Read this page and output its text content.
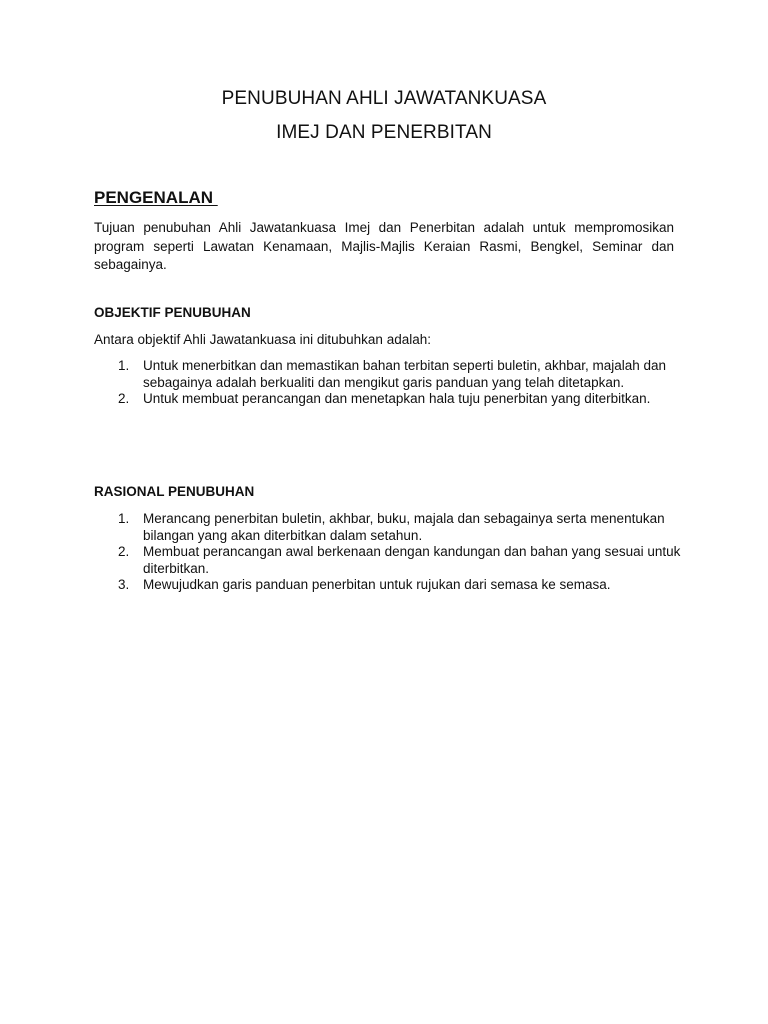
PENUBUHAN AHLI JAWATANKUASA
IMEJ DAN PENERBITAN
PENGENALAN
Tujuan penubuhan Ahli Jawatankuasa Imej dan Penerbitan adalah untuk mempromosikan program seperti Lawatan Kenamaan, Majlis-Majlis Keraian Rasmi, Bengkel, Seminar dan sebagainya.
OBJEKTIF PENUBUHAN
Antara objektif Ahli Jawatankuasa ini ditubuhkan adalah:
1. Untuk menerbitkan dan memastikan bahan terbitan seperti buletin, akhbar, majalah dan sebagainya adalah berkualiti dan mengikut garis panduan yang telah ditetapkan.
2. Untuk membuat perancangan dan menetapkan hala tuju penerbitan yang diterbitkan.
RASIONAL PENUBUHAN
1. Merancang penerbitan buletin, akhbar, buku, majala dan sebagainya serta menentukan bilangan yang akan diterbitkan dalam setahun.
2. Membuat perancangan awal berkenaan dengan kandungan dan bahan yang sesuai untuk diterbitkan.
3. Mewujudkan garis panduan penerbitan untuk rujukan dari semasa ke semasa.
